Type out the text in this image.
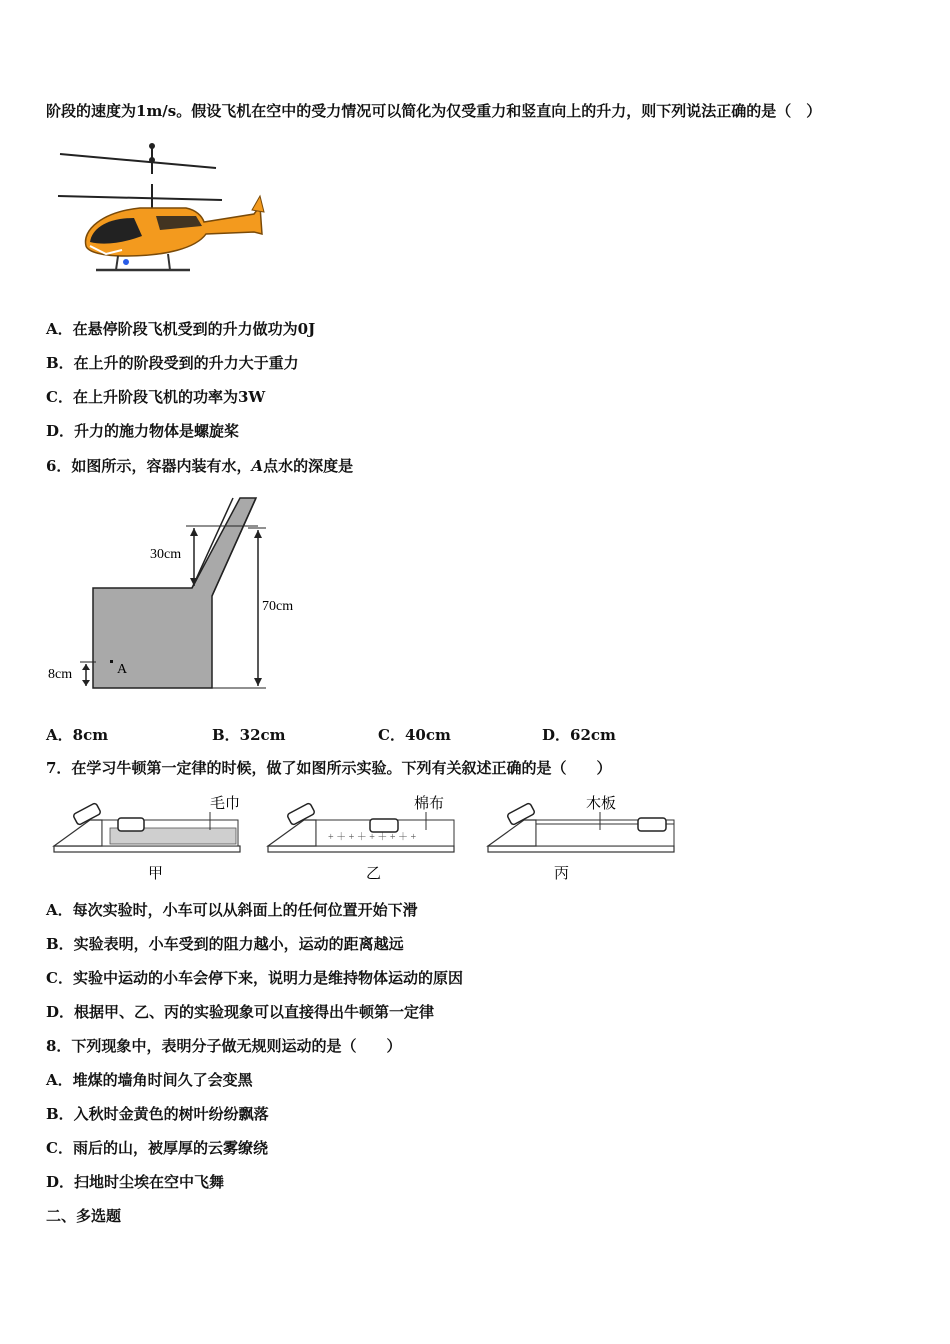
阶段的速度为1m/s。假设飞机在空中的受力情况可以简化为仅受重力和竖直向上的升力，则下列说法正确的是（　）
A．在悬停阶段飞机受到的升力做功为0J
B．在上升的阶段受到的升力大于重力
C．在上升阶段飞机的功率为3W
D．升力的施力物体是螺旋桨
6．如图所示，容器内装有水，A点水的深度是
30cm
70cm
8cm	A
A．8cm	B．32cm	C．40cm	D．62cm
7．在学习牛顿第一定律的时候，做了如图所示实验。下列有关叙述正确的是（　　）
毛巾
甲
+ ＋ + ＋ + ＋ + ＋ +
棉布
乙
木板
丙
A．每次实验时，小车可以从斜面上的任何位置开始下滑
B．实验表明，小车受到的阻力越小，运动的距离越远
C．实验中运动的小车会停下来，说明力是维持物体运动的原因
D．根据甲、乙、丙的实验现象可以直接得出牛顿第一定律
8．下列现象中，表明分子做无规则运动的是（　　）
A．堆煤的墙角时间久了会变黑
B．入秋时金黄色的树叶纷纷飘落
C．雨后的山，被厚厚的云雾缭绕
D．扫地时尘埃在空中飞舞
二、多选题
